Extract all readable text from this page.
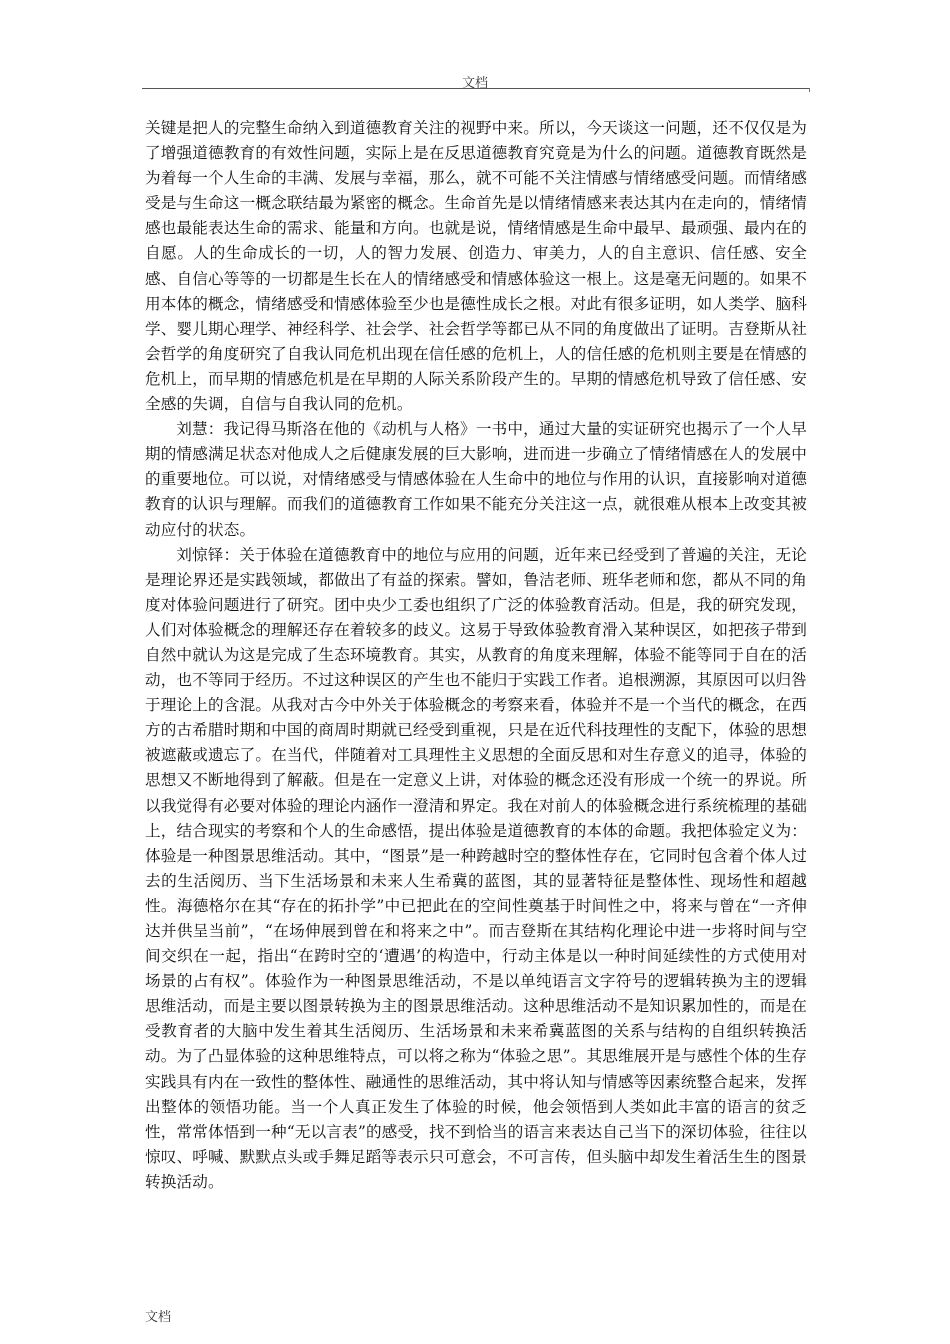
文档

关键是把人的完整生命纳入到道德教育关注的视野中来。所以，今天谈这一问题，还不仅仅是为了增强道德教育的有效性问题，实际上是在反思道德教育究竟是为什么的问题。道德教育既然是为着每一个人生命的丰满、发展与幸福，那么，就不可能不关注情感与情绪感受问题。而情绪感受是与生命这一概念联结最为紧密的概念。生命首先是以情绪情感来表达其内在走向的，情绪情感也最能表达生命的需求、能量和方向。也就是说，情绪情感是生命中最早、最顽强、最内在的自愿。人的生命成长的一切，人的智力发展、创造力、审美力，人的自主意识、信任感、安全感、自信心等等的一切都是生长在人的情绪感受和情感体验这一根上。这是毫无问题的。如果不用本体的概念，情绪感受和情感体验至少也是德性成长之根。对此有很多证明，如人类学、脑科学、婴儿期心理学、神经科学、社会学、社会哲学等都已从不同的角度做出了证明。吉登斯从社会哲学的角度研究了自我认同危机出现在信任感的危机上，人的信任感的危机则主要是在情感的危机上，而早期的情感危机是在早期的人际关系阶段产生的。早期的情感危机导致了信任感、安全感的失调，自信与自我认同的危机。

刘慧：我记得马斯洛在他的《动机与人格》一书中，通过大量的实证研究也揭示了一个人早期的情感满足状态对他成人之后健康发展的巨大影响，进而进一步确立了情绪情感在人的发展中的重要地位。可以说，对情绪感受与情感体验在人生命中的地位与作用的认识，直接影响对道德教育的认识与理解。而我们的道德教育工作如果不能充分关注这一点，就很难从根本上改变其被动应付的状态。

刘惊铎：关于体验在道德教育中的地位与应用的问题，近年来已经受到了普遍的关注，无论是理论界还是实践领域，都做出了有益的探索。譬如，鲁洁老师、班华老师和您，都从不同的角度对体验问题进行了研究。团中央少工委也组织了广泛的体验教育活动。但是，我的研究发现，人们对体验概念的理解还存在着较多的歧义。这易于导致体验教育滑入某种误区，如把孩子带到自然中就认为这是完成了生态环境教育。其实，从教育的角度来理解，体验不能等同于自在的活动，也不等同于经历。不过这种误区的产生也不能归于实践工作者。追根溯源，其原因可以归咎于理论上的含混。从我对古今中外关于体验概念的考察来看，体验并不是一个当代的概念，在西方的古希腊时期和中国的商周时期就已经受到重视，只是在近代科技理性的支配下，体验的思想被遮蔽或遗忘了。在当代，伴随着对工具理性主义思想的全面反思和对生存意义的追寻，体验的思想又不断地得到了解蔽。但是在一定意义上讲，对体验的概念还没有形成一个统一的界说。所以我觉得有必要对体验的理论内涵作一澄清和界定。我在对前人的体验概念进行系统梳理的基础上，结合现实的考察和个人的生命感悟，提出体验是道德教育的本体的命题。我把体验定义为：体验是一种图景思维活动。其中，“图景”是一种跨越时空的整体性存在，它同时包含着个体人过去的生活阅历、当下生活场景和未来人生希冀的蓝图，其的显著特征是整体性、现场性和超越性。海德格尔在其“存在的拓扑学”中已把此在的空间性奠基于时间性之中，将来与曾在“一齐伸达并供呈当前”，“在场伸展到曾在和将来之中”。而吉登斯在其结构化理论中进一步将时间与空间交织在一起，指出“在跨时空的‘遭遇’的构造中，行动主体是以一种时间延续性的方式使用对场景的占有权”。体验作为一种图景思维活动，不是以单纯语言文字符号的逻辑转换为主的逻辑思维活动，而是主要以图景转换为主的图景思维活动。这种思维活动不是知识累加性的，而是在受教育者的大脑中发生着其生活阅历、生活场景和未来希冀蓝图的关系与结构的自组织转换活动。为了凸显体验的这种思维特点，可以将之称为“体验之思”。其思维展开是与感性个体的生存实践具有内在一致性的整体性、融通性的思维活动，其中将认知与情感等因素统整合起来，发挥出整体的领悟功能。当一个人真正发生了体验的时候，他会领悟到人类如此丰富的语言的贫乏性，常常体悟到一种“无以言表”的感受，找不到恰当的语言来表达自己当下的深切体验，往往以惊叹、呼喊、默默点头或手舞足蹈等表示只可意会，不可言传，但头脑中却发生着活生生的图景转换活动。

文档
